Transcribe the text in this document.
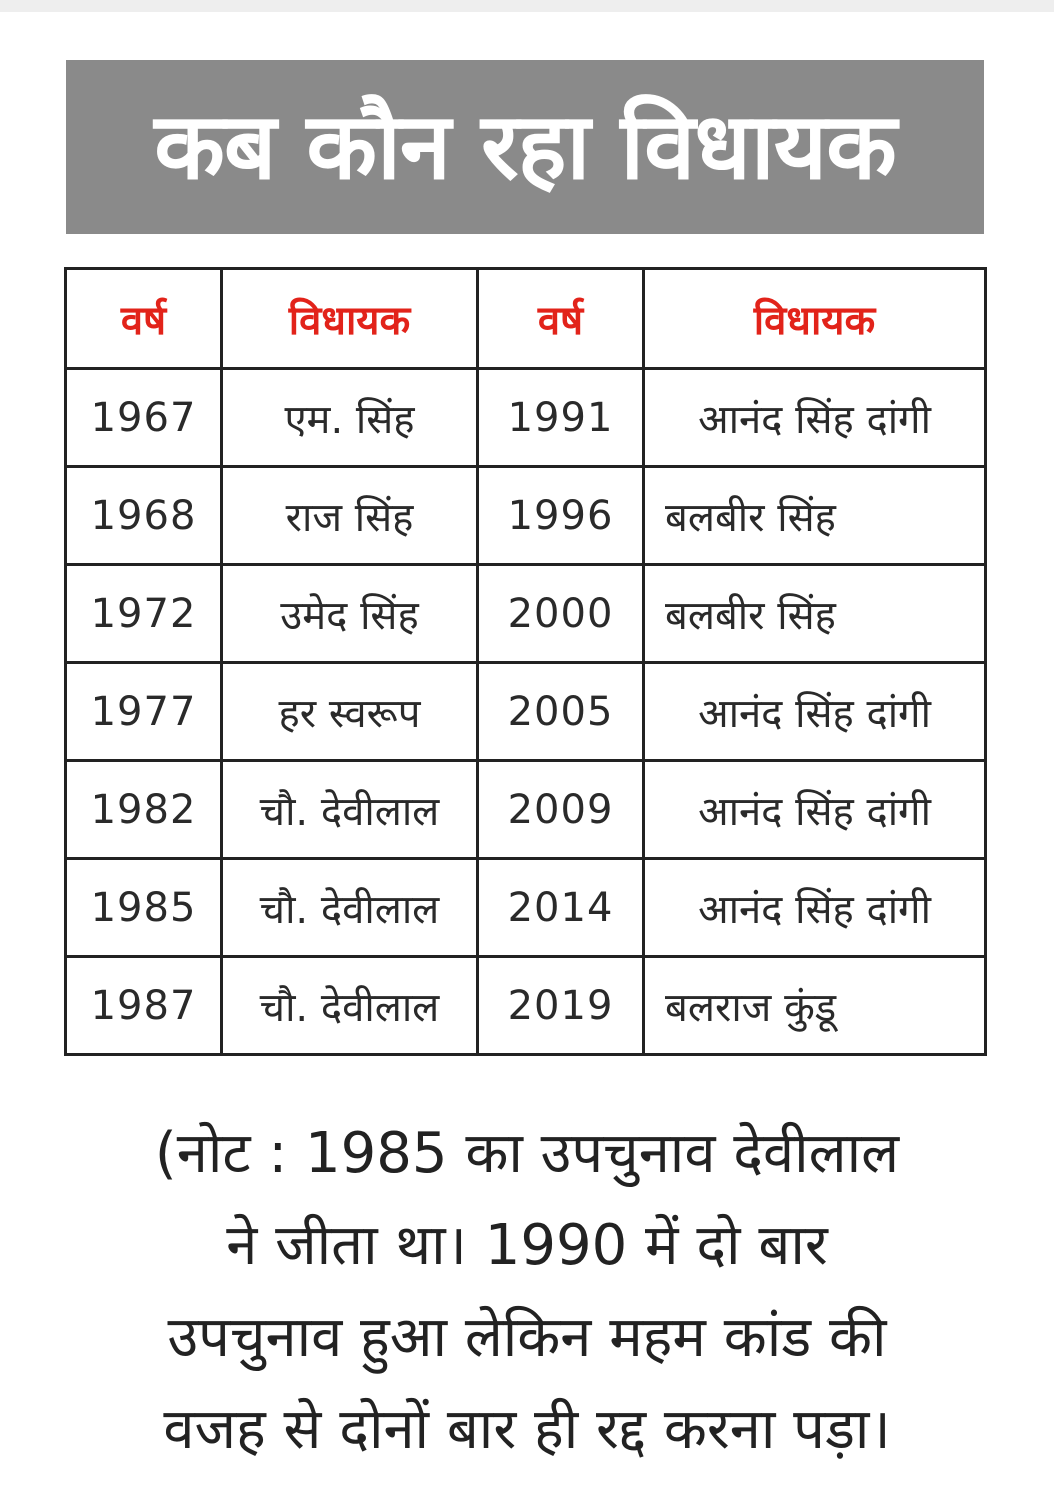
कब कौन रहा विधायक
वर्ष	विधायक	वर्ष	विधायक
1967	एम. सिंह	1991	आनंद सिंह दांगी
1968	राज सिंह	1996	बलबीर सिंह
1972	उमेद सिंह	2000	बलबीर सिंह
1977	हर स्वरूप	2005	आनंद सिंह दांगी
1982	चौ. देवीलाल	2009	आनंद सिंह दांगी
1985	चौ. देवीलाल	2014	आनंद सिंह दांगी
1987	चौ. देवीलाल	2019	बलराज कुंडू
(नोट : 1985 का उपचुनाव देवीलाल
ने जीता था। 1990 में दो बार
उपचुनाव हुआ लेकिन महम कांड की
वजह से दोनों बार ही रद्द करना पड़ा।
